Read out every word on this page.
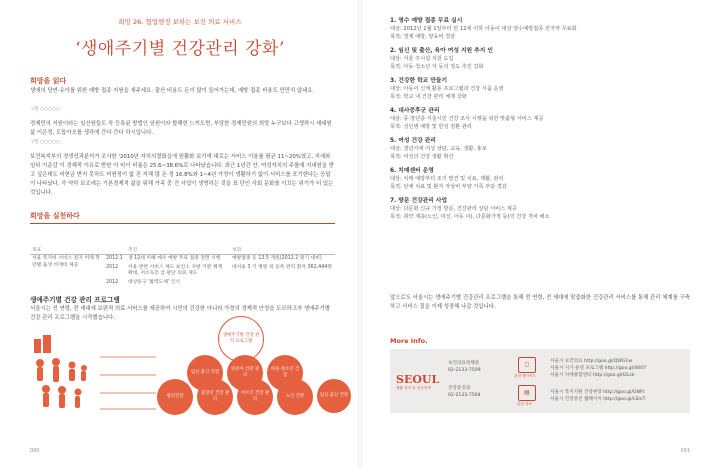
희망 26. 협업행정 보하는 보건 의료 서비스
‘생애주기별 건강관리 강화’
희망을 읽다
생애의 당연·유아를 위한 예방 접종 지원을 새주세요. 출산 비용도 돈이 많이 들어가는데, 예방 접종 비용도 만만치 않네요.
구민 ○○○○○
경제민의 지원이라는 임산원들도 꼭 등록된 방법인 임원이라 합해헌 느끼도면, 부담한 경제민원의 희망 누구보다 고생하시 세대원 삶 이은정, 도돕아오를 생각에 간다 간다 하시입니다.
구민 ○○○○○
보건복지부의 경생성과분석가 조사한 '2010년 자치의결회실에 원활화 보기에 대로는 서비스 이용률 평균 11~20%였고, 지세와 임하 기준감 이 경제적 이유로 받한 이 비이 비율은 25.6~38.6%로 나타났습니다. 최근 1년간 안. 여성자치의 주를에 지내원을 받고 싶은데도 비현금 받지 못하도 미원정이 없 진 지해 많 돈 정 16.8%와 1~4년 가정이 생활하기 없이 서비스를 포기한다는 응답이 나타났다. 즉 약하 보조에는 기본경제적 삶을 위해 가족 중 건 사업이 생명하는 것을 표 단인 사회 문화를 이끄는 위기가 더 있는 것입니다.
희망을 실천하다
목표		추진	성과
서울 복지비 서비스 걸지 미래 학년별 출생 비계비 제공	2012.1	생 12세 미해 예수 예방 무료 접종 전면 시행	예방접종 등 13.5 개원(2012.2 말기 대비)
	2012	서울 관련 서비스 제도 보건소 지방 기관 체계 확대, 저소득층 급 판단 의료 제도	대서울 3 기 병원 외 등록 관리 환자 362,444명
	2012	대상동구 '활력도체' 인시	
생애주기별 건강 관리 프로그램
서울시는 전 연령, 전 세대에 보편적 의료 서비스를 제공하여 시민의 건강한 아니라 가정의 경제적 안정을 도모하고자 생애주기별 건강 관리 프로그램을 시작했습니다.
생애주기별 건강 관리 프로그램
임신 출산 건강
영유아 건강 관리
아동·청소년 건강
청년건강
중장년 건강 관리
어르신 건강 관리
노인 건강	임신·출산 건강
090
1. 영수 예방 접종 무료 실시
대상: 2012년 1월 1일부터 만 12세 이하 아동이 대상 영수예방접종 전지역 무료화
목적: 경제 예방, 양육비 경감
2. 임신 및 출산, 육아 여성 지원 추지 인
대상: 서울 주시설 지원 도입
목적: 아동·청소년 자 동의 정도 추진 강화
3. 건강한 학교 만들기
대상: 아동이 신체 활동 프로그램과 건강 식품 운영
목적: 학교 내 건강 관리 체계 강화
4. 대사증후군 관리
대상: 중·장년층 서울시민 건강 조사 시행을 위한 맞춤형 서비스 제공
목적: 성인병 예방 및 만성 질환 관리
5. 여성 건강 관리
대상: 갱년기에 여성 상담, 교육, 생활, 홍보
목적: 여성의 건강 생활 확산
6. 치매센터 운영
대상: 치매 예방부터 조기 발견 및 치료, 재활, 관리
목적: 단체 치료 및 환자 자상비 부양 가족 부담 경감
7. 방문 건강관리 사업
대상: 다문화 신규 가정 방문, 건강관리 상담 서비스 제공
목적: 취약 계층(노인, 여성, 아동 이), 다문화가정 등)의 건강 격차 해소
앞으로도 서울시는 생애주기별 건강관리 프로그램을 통해 전 연령, 전 세대에 맞춤화한 건강관리 서비스를 통해 관리 체계를 구축하고 서비스 질을 이제 성장해 나갈 것입니다.
More Info.
SEOUL
생활 복지 둥 건강정책
보건의료정책과
02-2133-7509
건강증진과
02-2133-7564
◻
관련 웹사이트
▤
관련 자료
서울시 보건의료 http://goo.gl/QWG1w
서울시 시가 운영 프로그램 http://goo.gl/4007
서울시 치매종합센터 http://goo.gl/I2Lsk
서울시 복지지원 건강현장 http://goo.gl/GNFt
서울시 건강증진 웹페이지 http://goo.gl/LSinT
091
